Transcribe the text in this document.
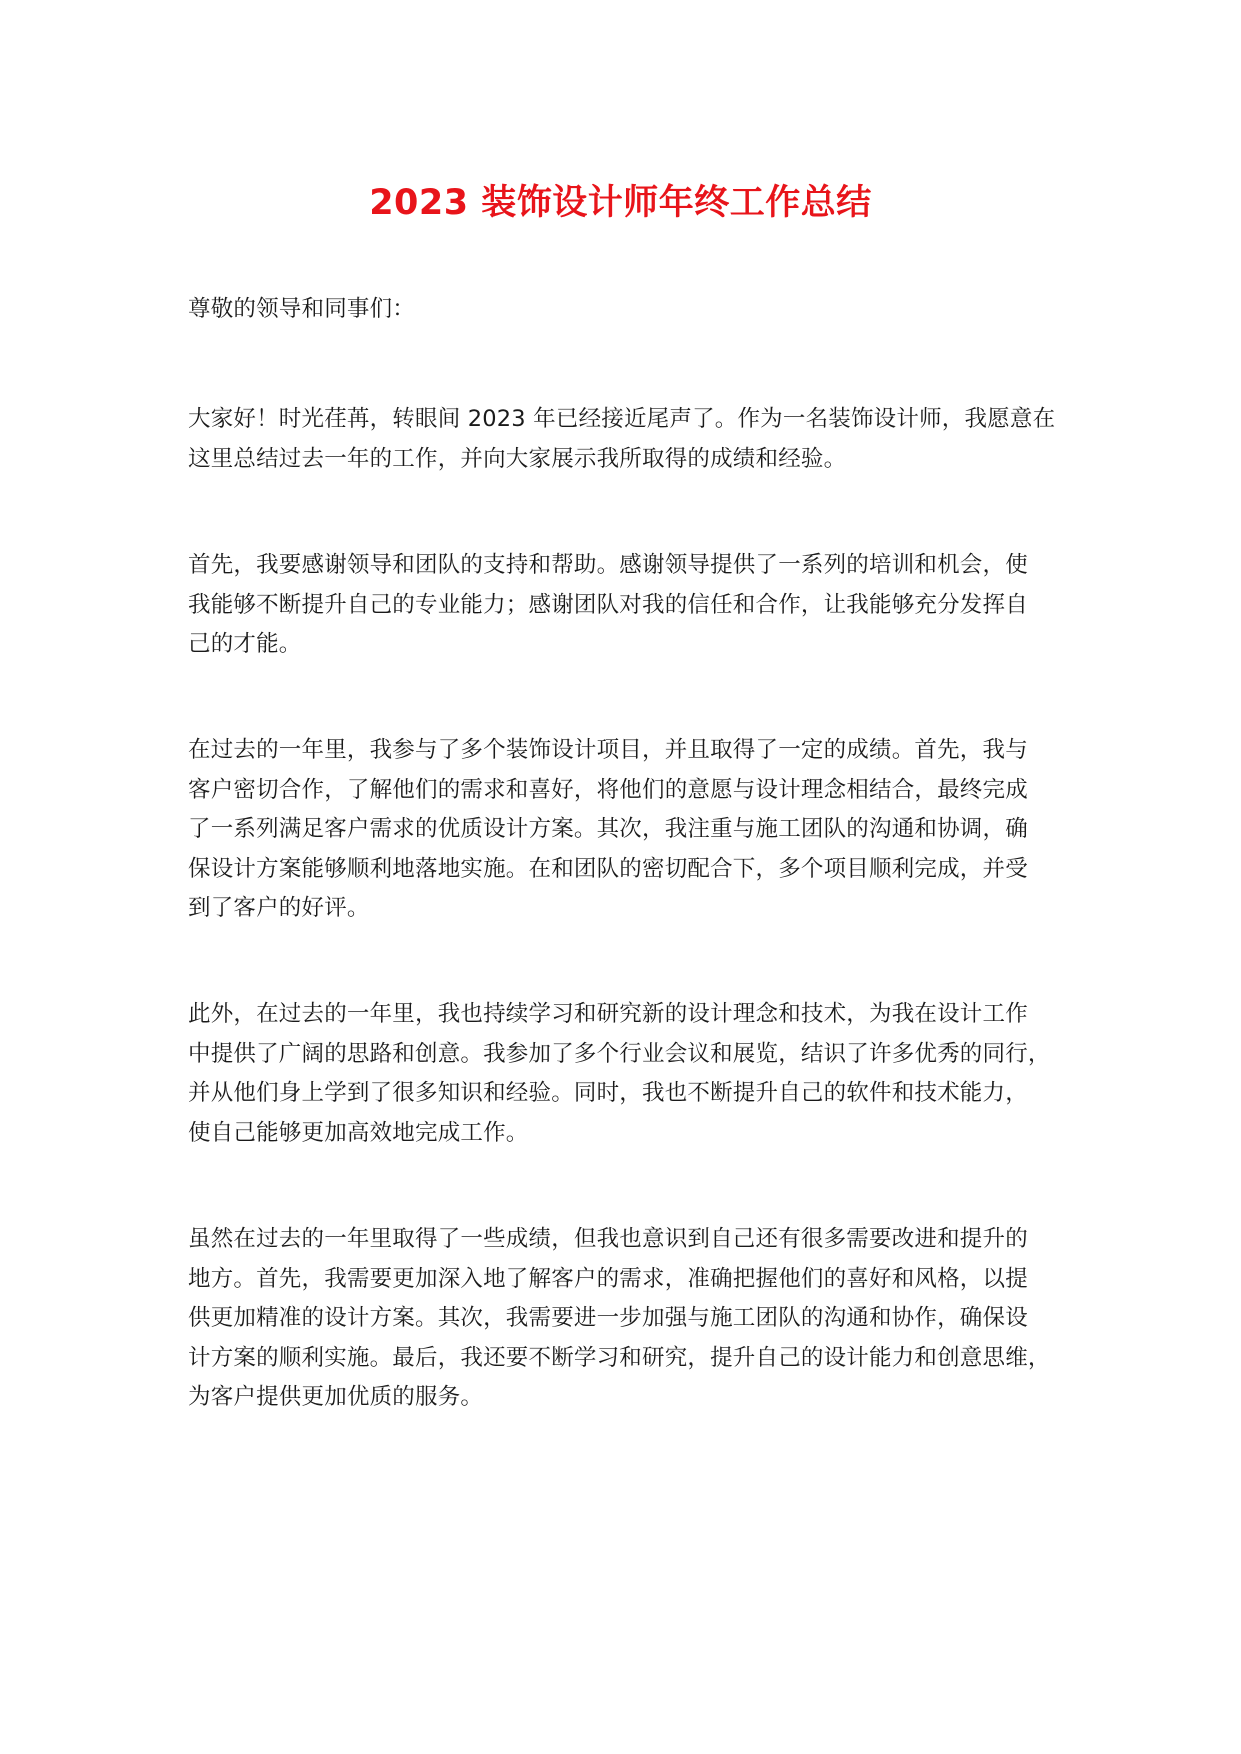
2023 装饰设计师年终工作总结

尊敬的领导和同事们：

大家好！时光荏苒，转眼间 2023 年已经接近尾声了。作为一名装饰设计师，我愿意在
这里总结过去一年的工作，并向大家展示我所取得的成绩和经验。

首先，我要感谢领导和团队的支持和帮助。感谢领导提供了一系列的培训和机会，使
我能够不断提升自己的专业能力；感谢团队对我的信任和合作，让我能够充分发挥自
己的才能。

在过去的一年里，我参与了多个装饰设计项目，并且取得了一定的成绩。首先，我与
客户密切合作，了解他们的需求和喜好，将他们的意愿与设计理念相结合，最终完成
了一系列满足客户需求的优质设计方案。其次，我注重与施工团队的沟通和协调，确
保设计方案能够顺利地落地实施。在和团队的密切配合下，多个项目顺利完成，并受
到了客户的好评。

此外，在过去的一年里，我也持续学习和研究新的设计理念和技术，为我在设计工作
中提供了广阔的思路和创意。我参加了多个行业会议和展览，结识了许多优秀的同行，
并从他们身上学到了很多知识和经验。同时，我也不断提升自己的软件和技术能力，
使自己能够更加高效地完成工作。

虽然在过去的一年里取得了一些成绩，但我也意识到自己还有很多需要改进和提升的
地方。首先，我需要更加深入地了解客户的需求，准确把握他们的喜好和风格，以提
供更加精准的设计方案。其次，我需要进一步加强与施工团队的沟通和协作，确保设
计方案的顺利实施。最后，我还要不断学习和研究，提升自己的设计能力和创意思维，
为客户提供更加优质的服务。
